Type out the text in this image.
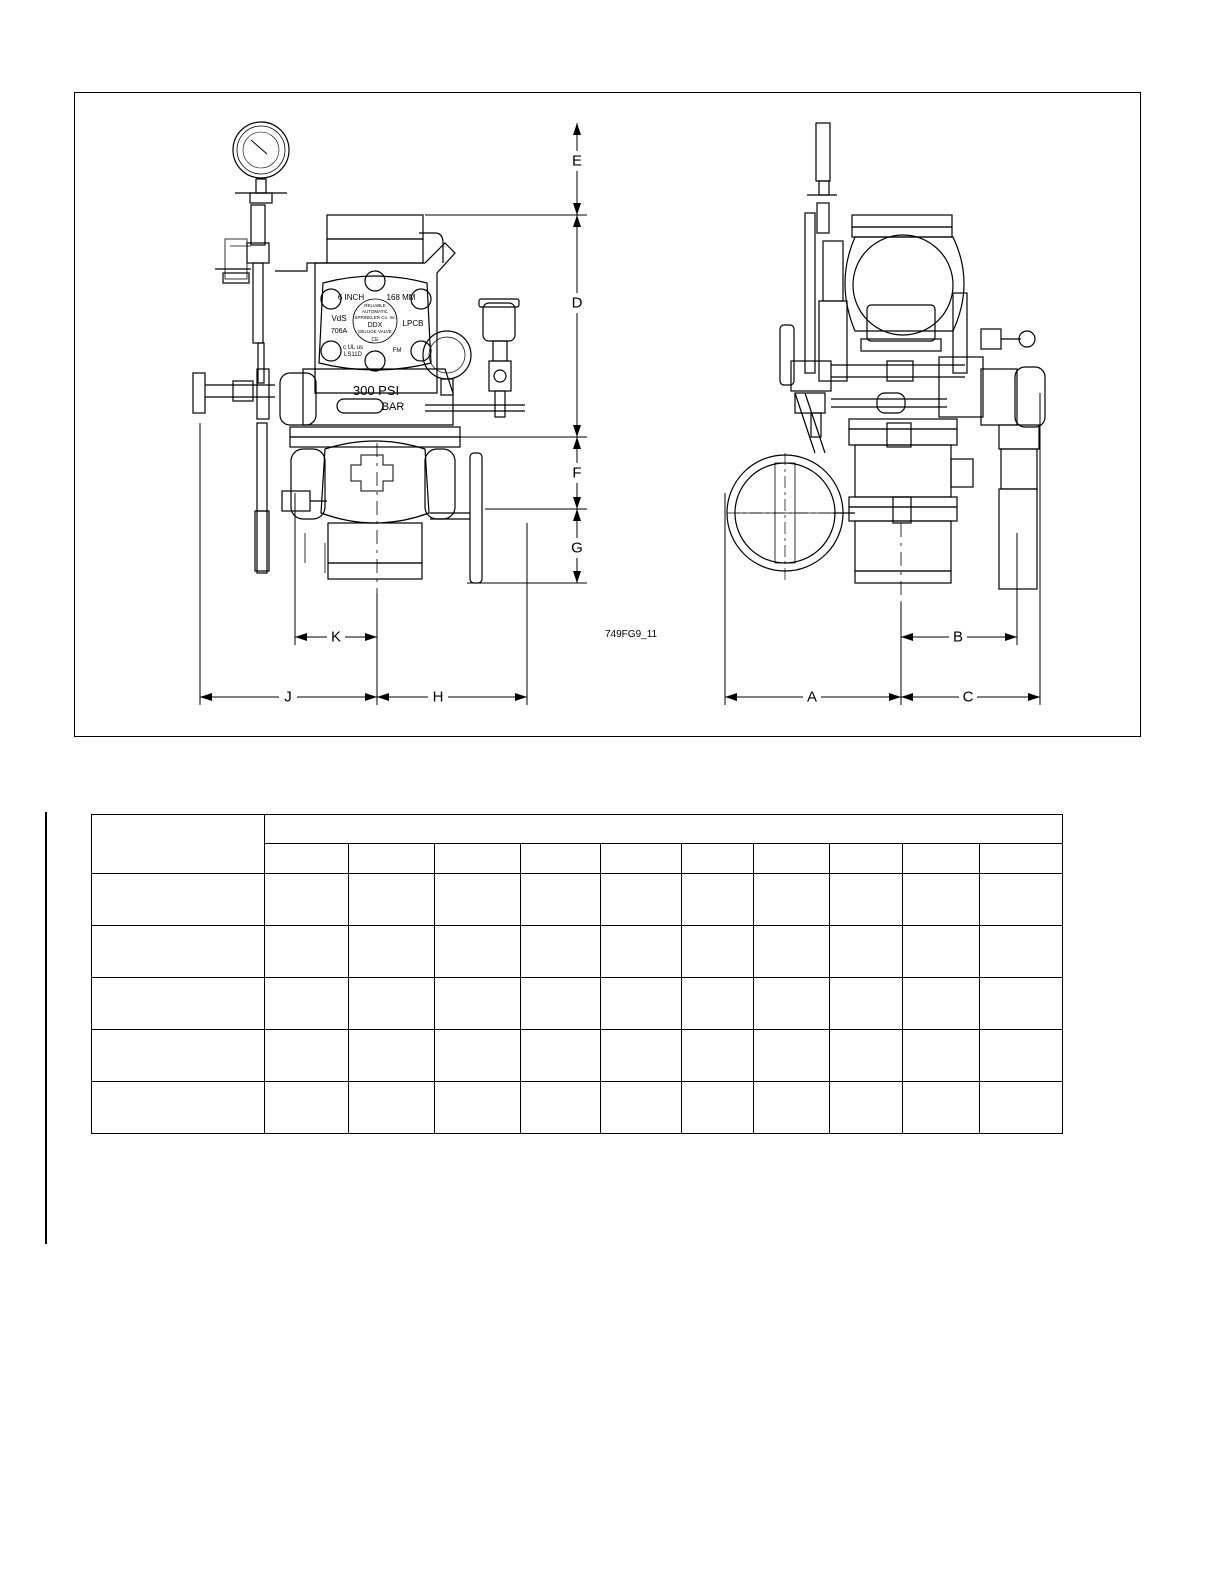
E
D
F
G
K
J	H
B
A	C
6 INCH	168 MM
VdS
706A
LPCB
RELIABLE
AUTOMATIC
SPRINKLER Co. Inc
DDX
DELUGE VALVE
CE
c UL us
LS11D
FM
300 PSI
BAR
749FG9_11
